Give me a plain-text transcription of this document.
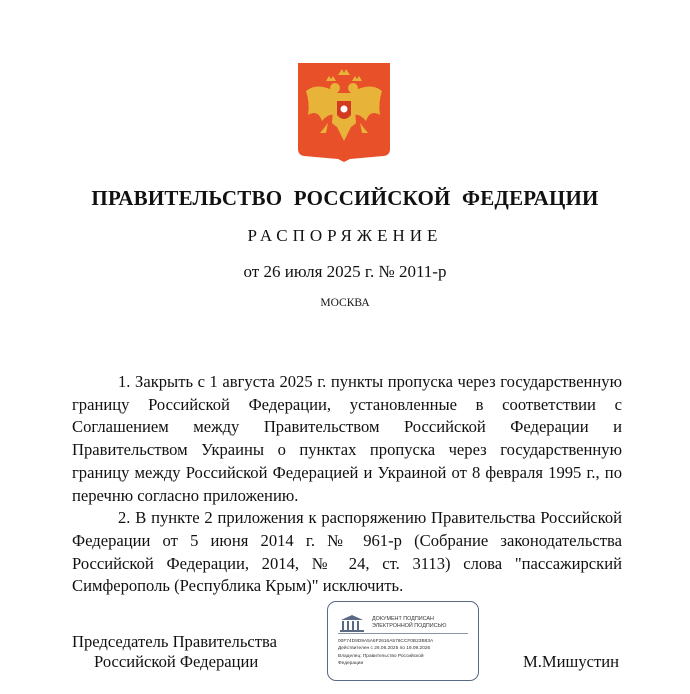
ПРАВИТЕЛЬСТВО РОССИЙСКОЙ ФЕДЕРАЦИИ
РАСПОРЯЖЕНИЕ
от 26 июля 2025 г. № 2011-р
МОСКВА

1. Закрыть с 1 августа 2025 г. пункты пропуска через государственную границу Российской Федерации, установленные в соответствии с Соглашением между Правительством Российской Федерации и Правительством Украины о пунктах пропуска через государственную границу между Российской Федерацией и Украиной от 8 февраля 1995 г., по перечню согласно приложению.

2. В пункте 2 приложения к распоряжению Правительства Российской Федерации от 5 июня 2014 г. № 961-р (Собрание законодательства Российской Федерации, 2014, № 24, ст. 3113) слова "пассажирский Симферополь (Республика Крым)" исключить.

Председатель Правительства
Российской Федерации
ДОКУМЕНТ ПОДПИСАН
ЭЛЕКТРОННОЙ ПОДПИСЬЮ
00F74D9D9A5A6F2616A576CCF0B23B83A
Действителен с 26.06.2025 по 19.09.2026
Владелец: Правительство Российской
Федерации	М.Мишустин
